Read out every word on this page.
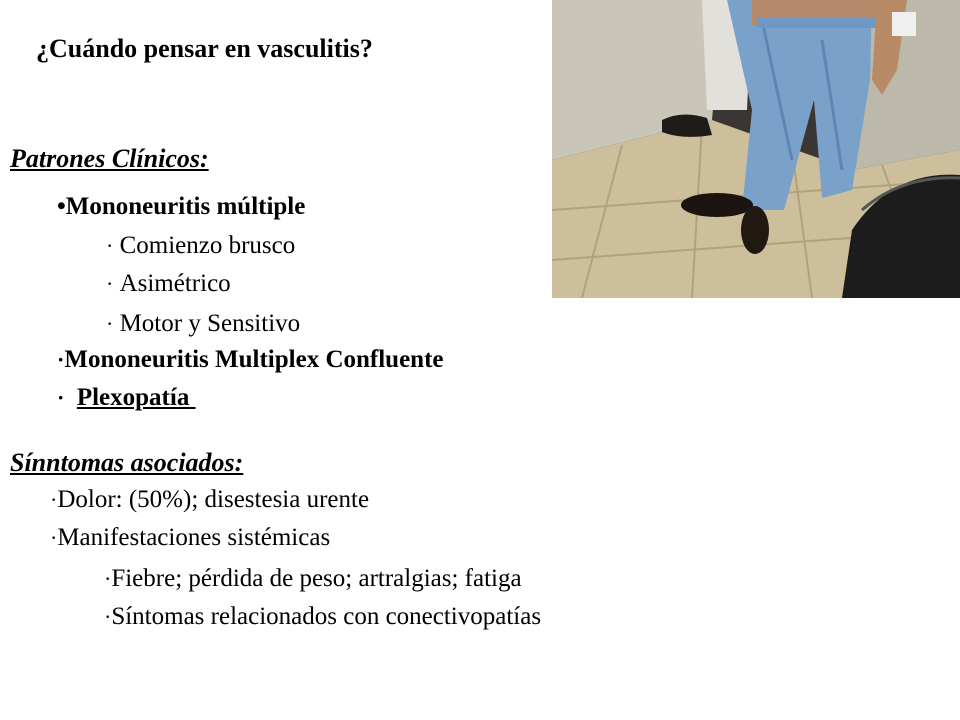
¿Cuándo pensar en vasculitis?
Patrones Clínicos:
•Mononeuritis múltiple
· Comienzo brusco
· Asimétrico
· Motor y Sensitivo
·Mononeuritis Multiplex Confluente
· Plexopatía
Sínntomas asociados:
·Dolor: (50%); disestesia urente
·Manifestaciones sistémicas
·Fiebre; pérdida de peso; artralgias; fatiga
·Síntomas relacionados con conectivopatías
